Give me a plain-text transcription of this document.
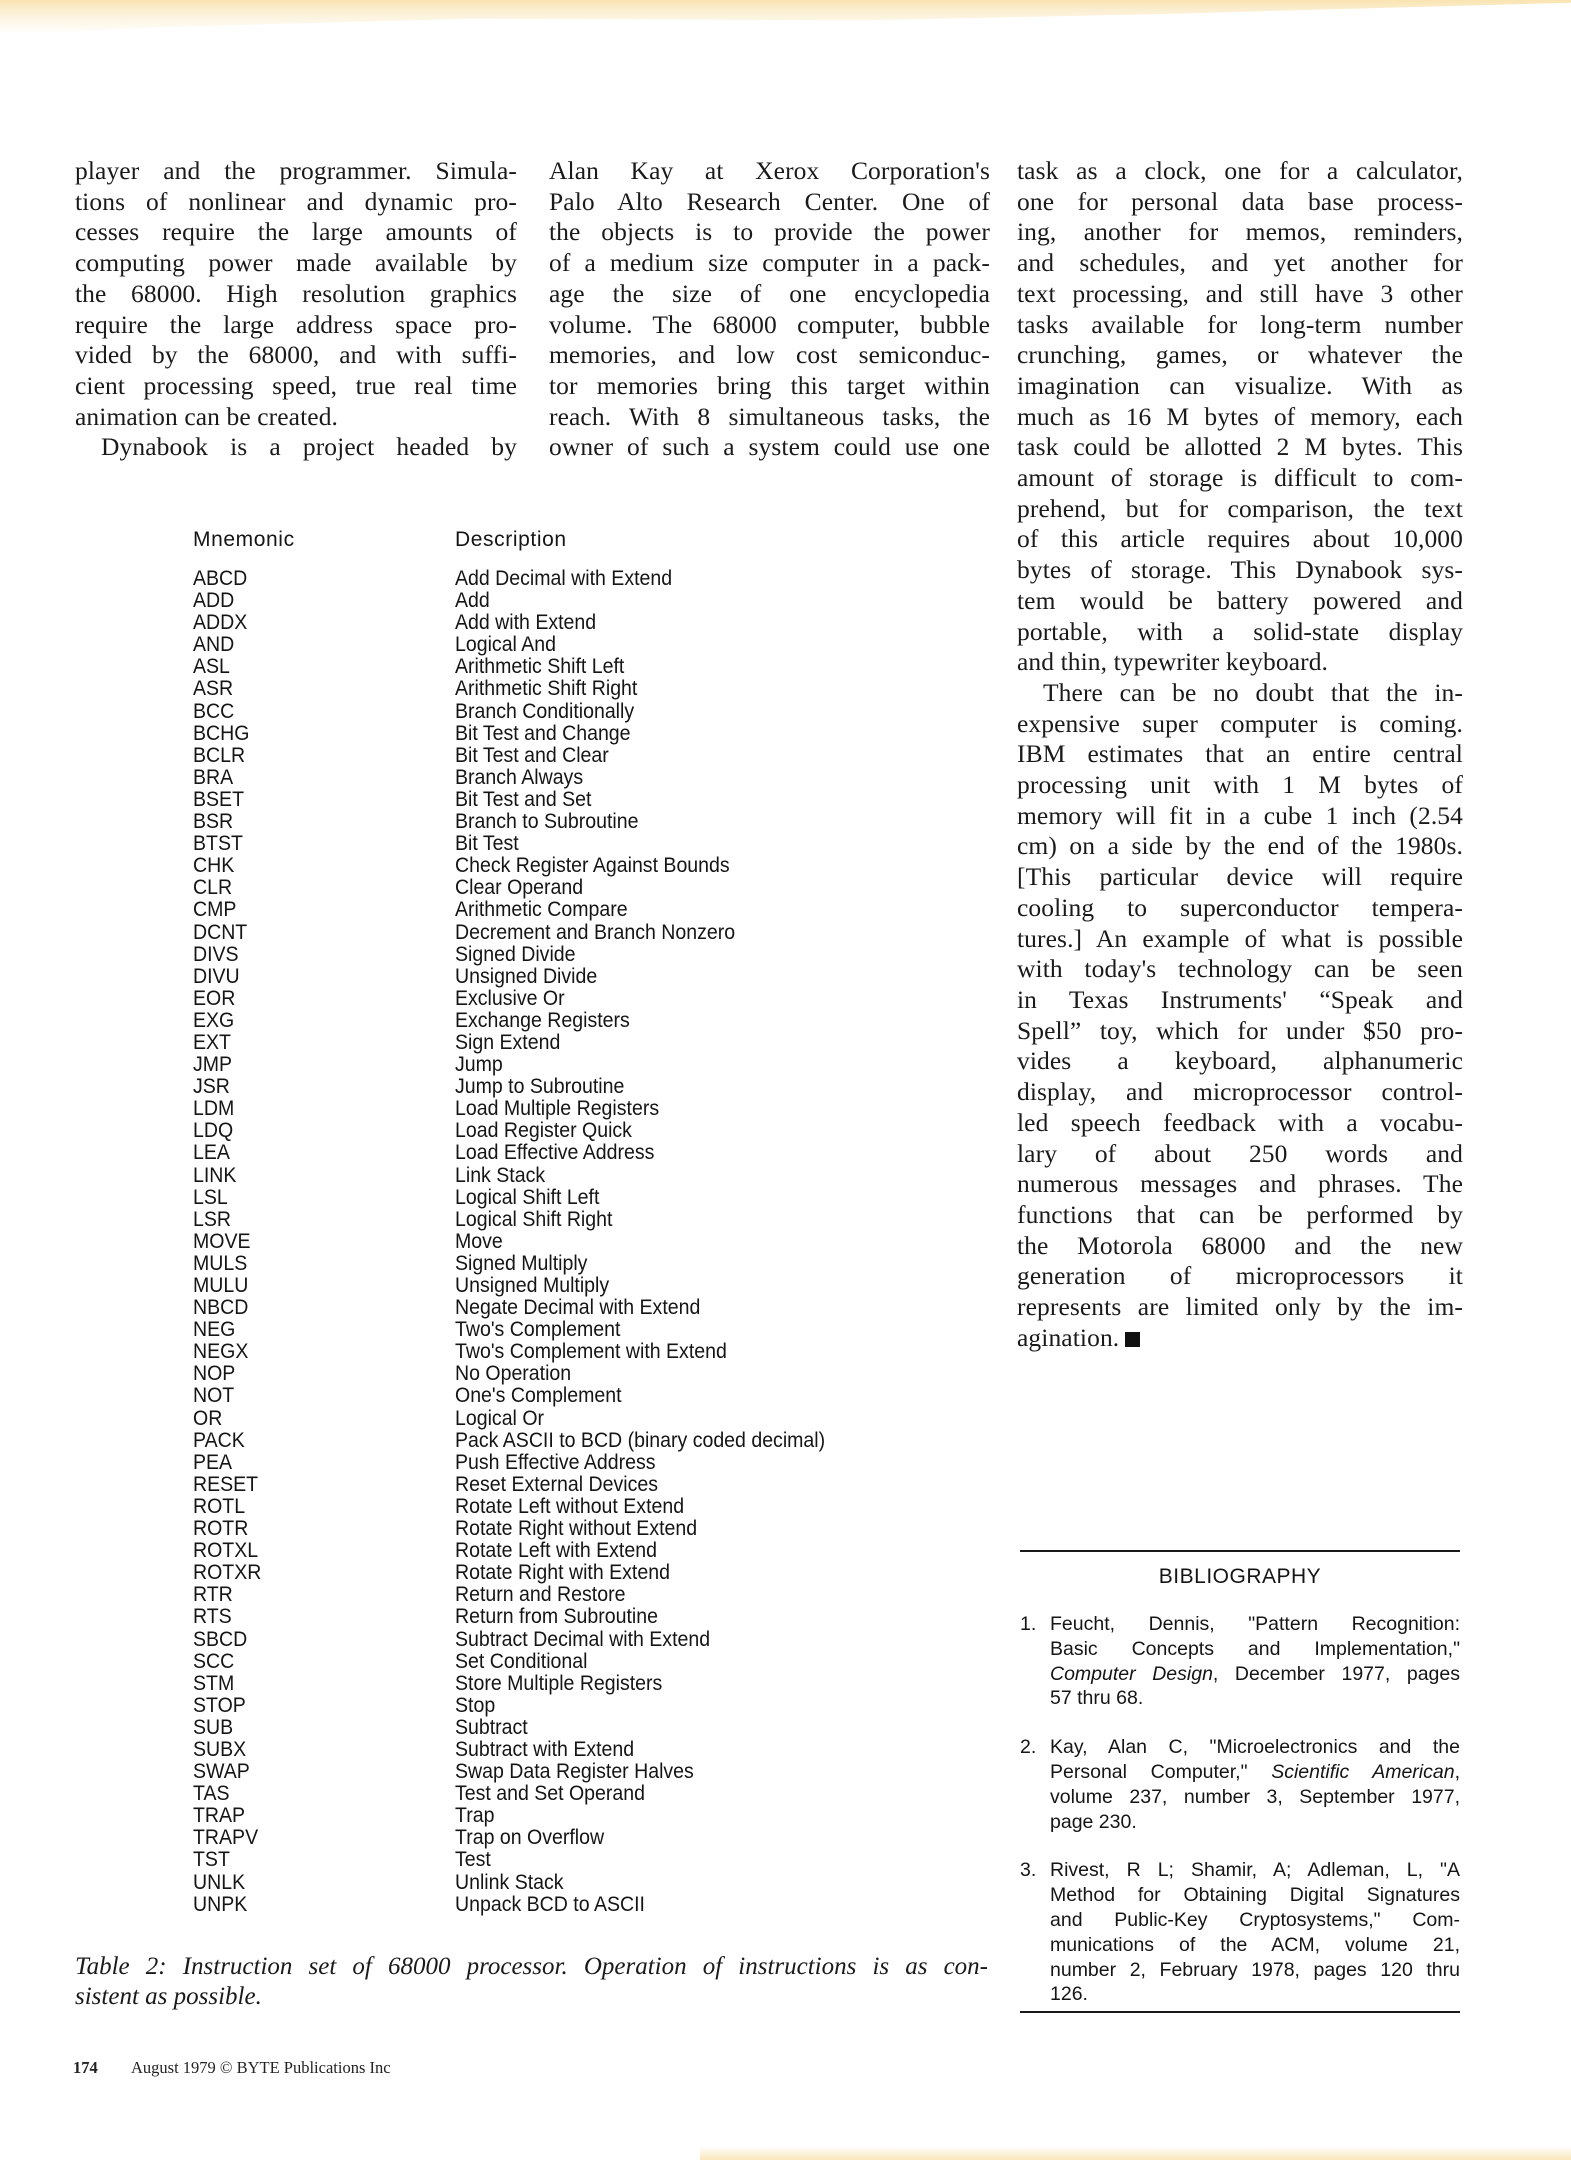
player and the programmer. Simula-
tions of nonlinear and dynamic pro-
cesses require the large amounts of
computing power made available by
the 68000. High resolution graphics
require the large address space pro-
vided by the 68000, and with suffi-
cient processing speed, true real time
animation can be created.
Dynabook is a project headed by
Alan Kay at Xerox Corporation's
Palo Alto Research Center. One of
the objects is to provide the power
of a medium size computer in a pack-
age the size of one encyclopedia
volume. The 68000 computer, bubble
memories, and low cost semiconduc-
tor memories bring this target within
reach. With 8 simultaneous tasks, the
owner of such a system could use one
task as a clock, one for a calculator,
one for personal data base process-
ing, another for memos, reminders,
and schedules, and yet another for
text processing, and still have 3 other
tasks available for long-term number
crunching, games, or whatever the
imagination can visualize. With as
much as 16 M bytes of memory, each
task could be allotted 2 M bytes. This
amount of storage is difficult to com-
prehend, but for comparison, the text
of this article requires about 10,000
bytes of storage. This Dynabook sys-
tem would be battery powered and
portable, with a solid-state display
and thin, typewriter keyboard.
There can be no doubt that the in-
expensive super computer is coming.
IBM estimates that an entire central
processing unit with 1 M bytes of
memory will fit in a cube 1 inch (2.54
cm) on a side by the end of the 1980s.
[This particular device will require
cooling to superconductor tempera-
tures.] An example of what is possible
with today's technology can be seen
in Texas Instruments' “Speak and
Spell” toy, which for under $50 pro-
vides a keyboard, alphanumeric
display, and microprocessor control-
led speech feedback with a vocabu-
lary of about 250 words and
numerous messages and phrases. The
functions that can be performed by
the Motorola 68000 and the new
generation of microprocessors it
represents are limited only by the im-
agination.
Mnemonic	Description
ABCD	Add Decimal with Extend
ADD	Add
ADDX	Add with Extend
AND	Logical And
ASL	Arithmetic Shift Left
ASR	Arithmetic Shift Right
BCC	Branch Conditionally
BCHG	Bit Test and Change
BCLR	Bit Test and Clear
BRA	Branch Always
BSET	Bit Test and Set
BSR	Branch to Subroutine
BTST	Bit Test
CHK	Check Register Against Bounds
CLR	Clear Operand
CMP	Arithmetic Compare
DCNT	Decrement and Branch Nonzero
DIVS	Signed Divide
DIVU	Unsigned Divide
EOR	Exclusive Or
EXG	Exchange Registers
EXT	Sign Extend
JMP	Jump
JSR	Jump to Subroutine
LDM	Load Multiple Registers
LDQ	Load Register Quick
LEA	Load Effective Address
LINK	Link Stack
LSL	Logical Shift Left
LSR	Logical Shift Right
MOVE	Move
MULS	Signed Multiply
MULU	Unsigned Multiply
NBCD	Negate Decimal with Extend
NEG	Two's Complement
NEGX	Two's Complement with Extend
NOP	No Operation
NOT	One's Complement
OR	Logical Or
PACK	Pack ASCII to BCD (binary coded decimal)
PEA	Push Effective Address
RESET	Reset External Devices
ROTL	Rotate Left without Extend
ROTR	Rotate Right without Extend
ROTXL	Rotate Left with Extend
ROTXR	Rotate Right with Extend
RTR	Return and Restore
RTS	Return from Subroutine
SBCD	Subtract Decimal with Extend
SCC	Set Conditional
STM	Store Multiple Registers
STOP	Stop
SUB	Subtract
SUBX	Subtract with Extend
SWAP	Swap Data Register Halves
TAS	Test and Set Operand
TRAP	Trap
TRAPV	Trap on Overflow
TST	Test
UNLK	Unlink Stack
UNPK	Unpack BCD to ASCII
Table 2: Instruction set of 68000 processor. Operation of instructions is as con-
sistent as possible.
BIBLIOGRAPHY
1. Feucht, Dennis, "Pattern Recognition:
Basic Concepts and Implementation,"
Computer Design, December 1977, pages
57 thru 68.
2. Kay, Alan C, "Microelectronics and the
Personal Computer," Scientific American,
volume 237, number 3, September 1977,
page 230.
3. Rivest, R L; Shamir, A; Adleman, L, "A
Method for Obtaining Digital Signatures
and Public-Key Cryptosystems," Com-
munications of the ACM, volume 21,
number 2, February 1978, pages 120 thru
126.
174	August 1979 © BYTE Publications Inc
